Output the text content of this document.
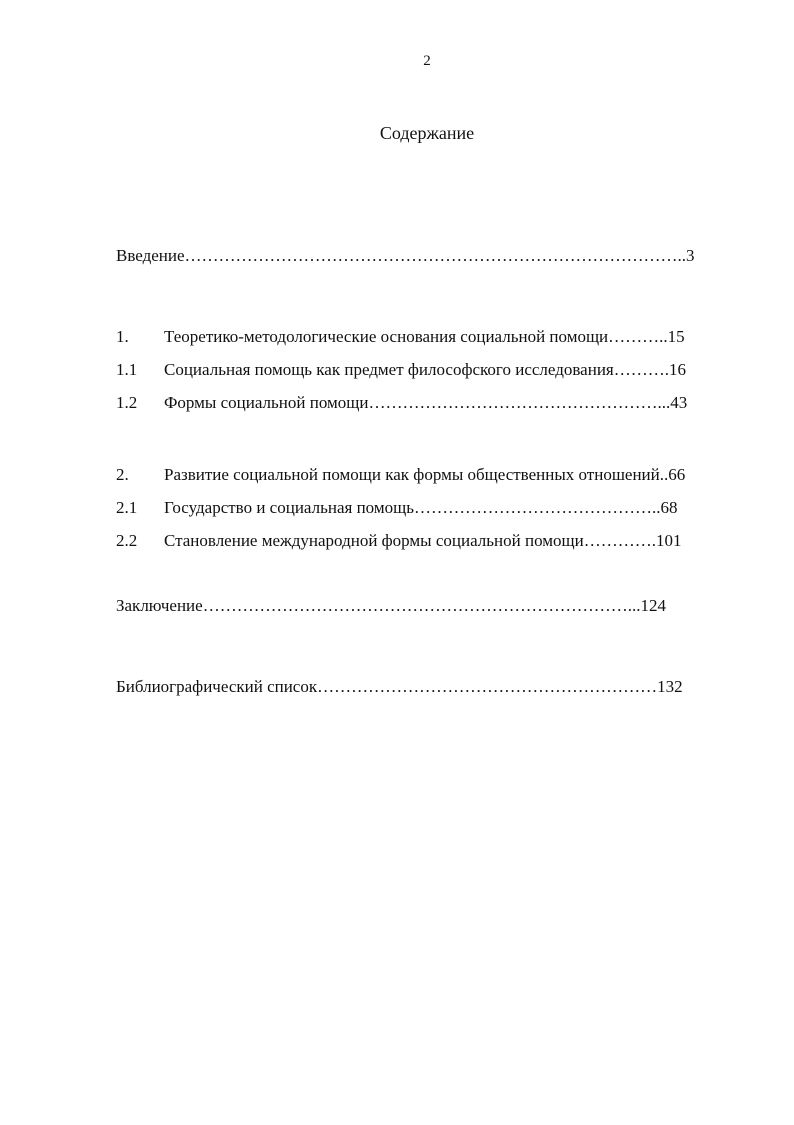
2
Содержание
Введение……………………………………………………………………………..3
1. Теоретико-методологические основания социальной помощи………..15
1.1 Социальная помощь как предмет философского исследования……….16
1.2 Формы социальной помощи……………………………………………...43
2. Развитие социальной помощи как формы общественных отношений..66
2.1 Государство и социальная помощь……………………………………..68
2.2 Становление международной формы социальной помощи………….101
Заключение…………………………………………………………………...124
Библиографический список……………………………………………………132
